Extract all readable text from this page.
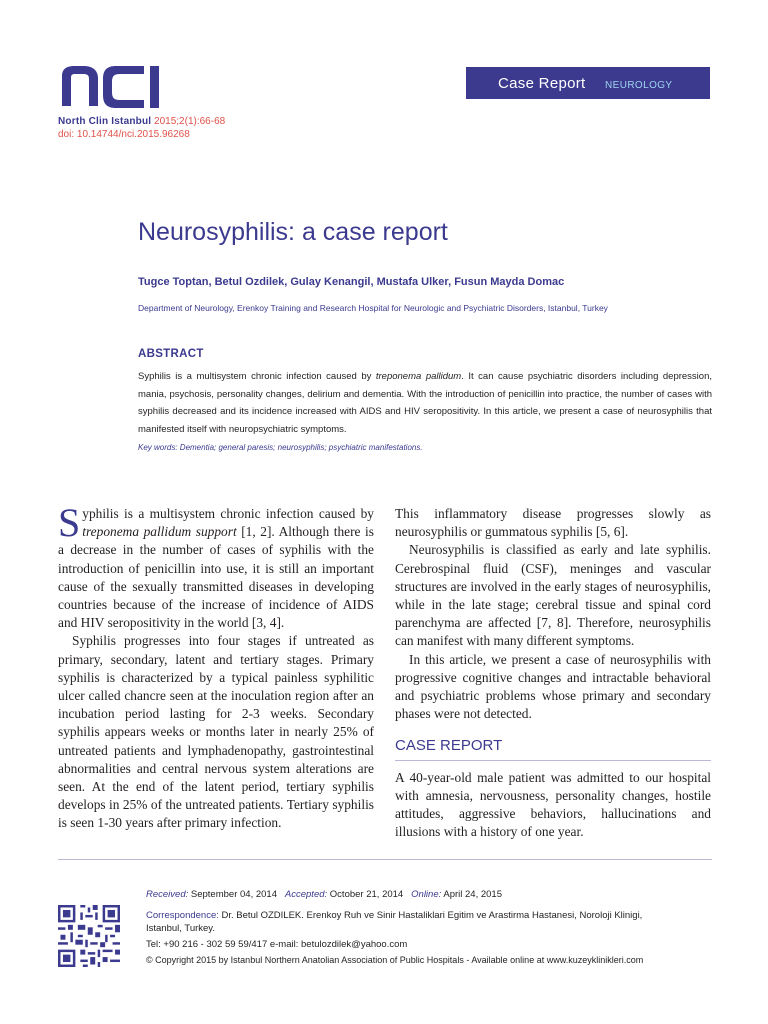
North Clin Istanbul 2015;2(1):66-68
doi: 10.14744/nci.2015.96268
Case Report NEUROLOGY
Neurosyphilis: a case report
Tugce Toptan, Betul Ozdilek, Gulay Kenangil, Mustafa Ulker, Fusun Mayda Domac
Department of Neurology, Erenkoy Training and Research Hospital for Neurologic and Psychiatric Disorders, Istanbul, Turkey
ABSTRACT
Syphilis is a multisystem chronic infection caused by treponema pallidum. It can cause psychiatric disorders including depression, mania, psychosis, personality changes, delirium and dementia. With the introduction of penicillin into practice, the number of cases with syphilis decreased and its incidence increased with AIDS and HIV seropositivity. In this article, we present a case of neurosyphilis that manifested itself with neuropsychiatric symptoms.
Key words: Dementia; general paresis; neurosyphilis; psychiatric manifestations.

Syphilis is a multisystem chronic infection caused by treponema pallidum support [1, 2]. Although there is a decrease in the number of cases of syphilis with the introduction of penicillin into use, it is still an important cause of the sexually transmitted diseases in developing countries because of the increase of incidence of AIDS and HIV seropositivity in the world [3, 4].

Syphilis progresses into four stages if untreated as primary, secondary, latent and tertiary stages. Primary syphilis is characterized by a typical painless syphilitic ulcer called chancre seen at the inoculation region after an incubation period lasting for 2-3 weeks. Secondary syphilis appears weeks or months later in nearly 25% of untreated patients and lymphadenopathy, gastrointestinal abnormalities and central nervous system alterations are seen. At the end of the latent period, tertiary syphilis develops in 25% of the untreated patients. Tertiary syphilis is seen 1-30 years after primary infection.

This inflammatory disease progresses slowly as neurosyphilis or gummatous syphilis [5, 6].

Neurosyphilis is classified as early and late syphilis. Cerebrospinal fluid (CSF), meninges and vascular structures are involved in the early stages of neurosyphilis, while in the late stage; cerebral tissue and spinal cord parenchyma are affected [7, 8]. Therefore, neurosyphilis can manifest with many different symptoms.

In this article, we present a case of neurosyphilis with progressive cognitive changes and intractable behavioral and psychiatric problems whose primary and secondary phases were not detected.

CASE REPORT

A 40-year-old male patient was admitted to our hospital with amnesia, nervousness, personality changes, hostile attitudes, aggressive behaviors, hallucinations and illusions with a history of one year.

Received: September 04, 2014 Accepted: October 21, 2014 Online: April 24, 2015
Correspondence: Dr. Betul OZDILEK. Erenkoy Ruh ve Sinir Hastaliklari Egitim ve Arastirma Hastanesi, Noroloji Klinigi,
Istanbul, Turkey.
Tel: +90 216 - 302 59 59/417 e-mail: betulozdilek@yahoo.com
© Copyright 2015 by Istanbul Northern Anatolian Association of Public Hospitals - Available online at www.kuzeyklinikleri.com
